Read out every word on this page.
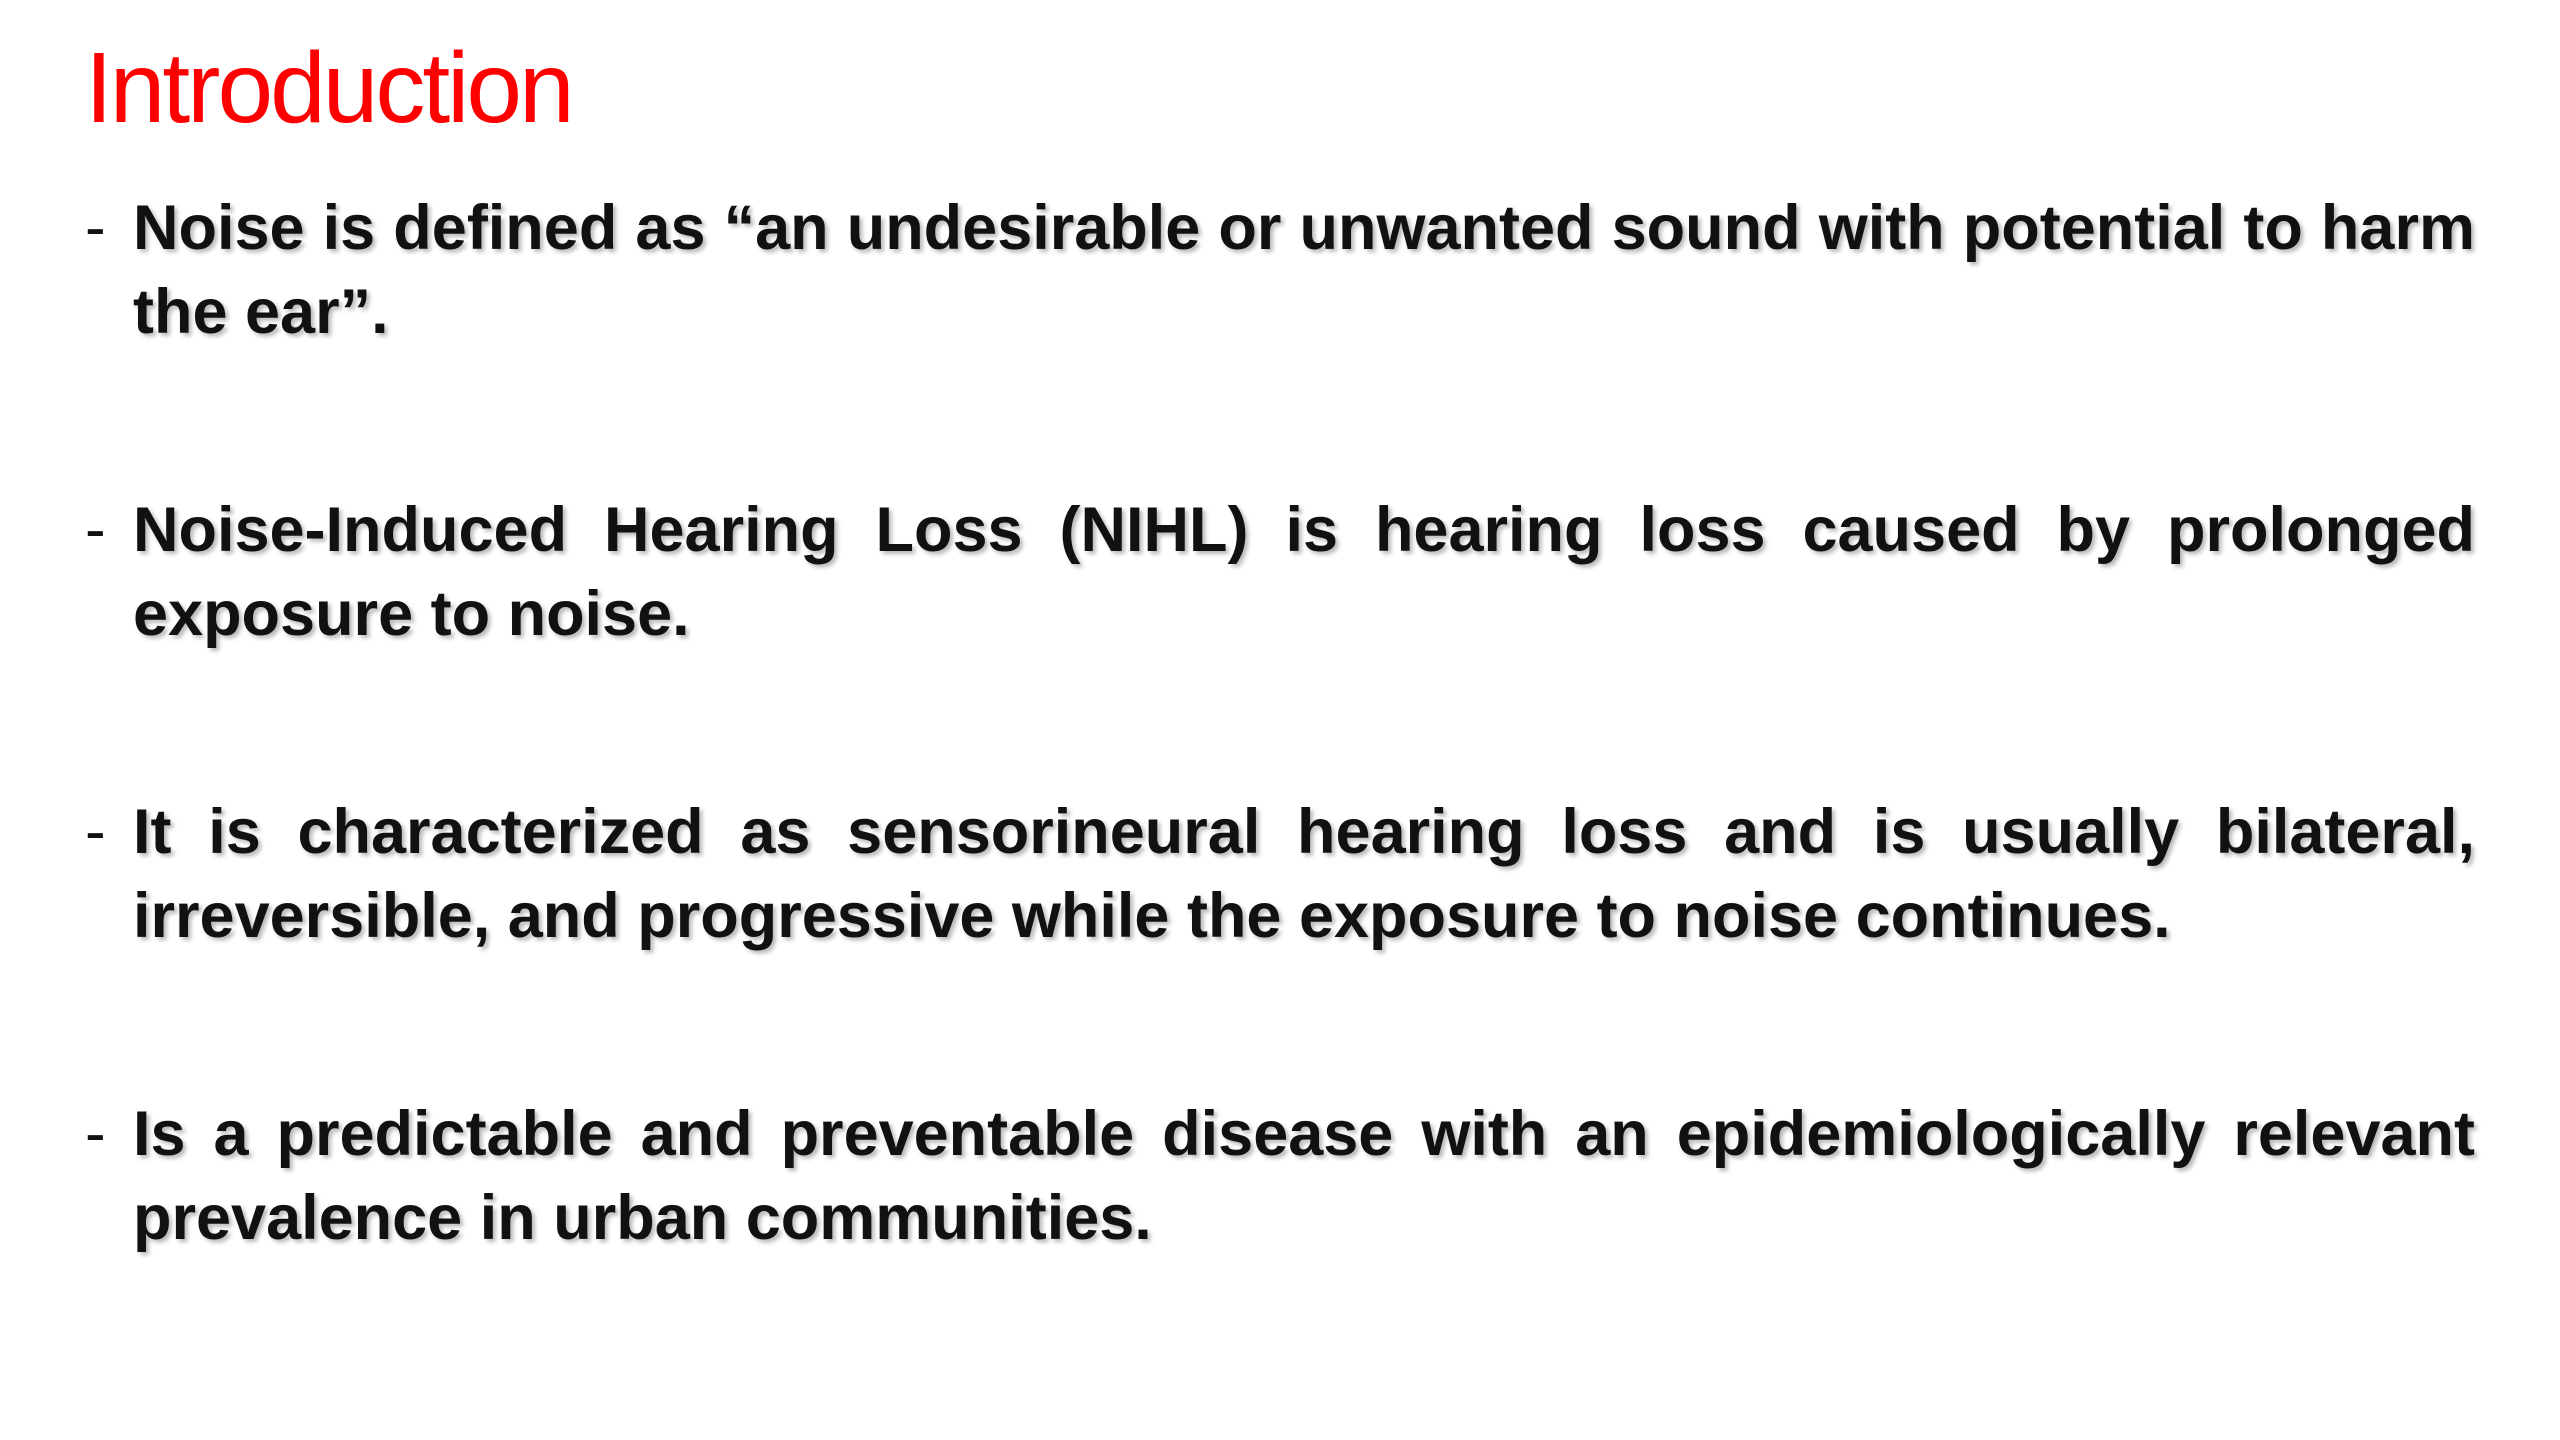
Introduction
- Noise is defined as “an undesirable or unwanted sound with potential to harm the ear”.
- Noise-Induced Hearing Loss (NIHL) is hearing loss caused by prolonged exposure to noise.
- It is characterized as sensorineural hearing loss and is usually bilateral, irreversible, and progressive while the exposure to noise continues.
- Is a predictable and preventable disease with an epidemiologically relevant prevalence in urban communities.
